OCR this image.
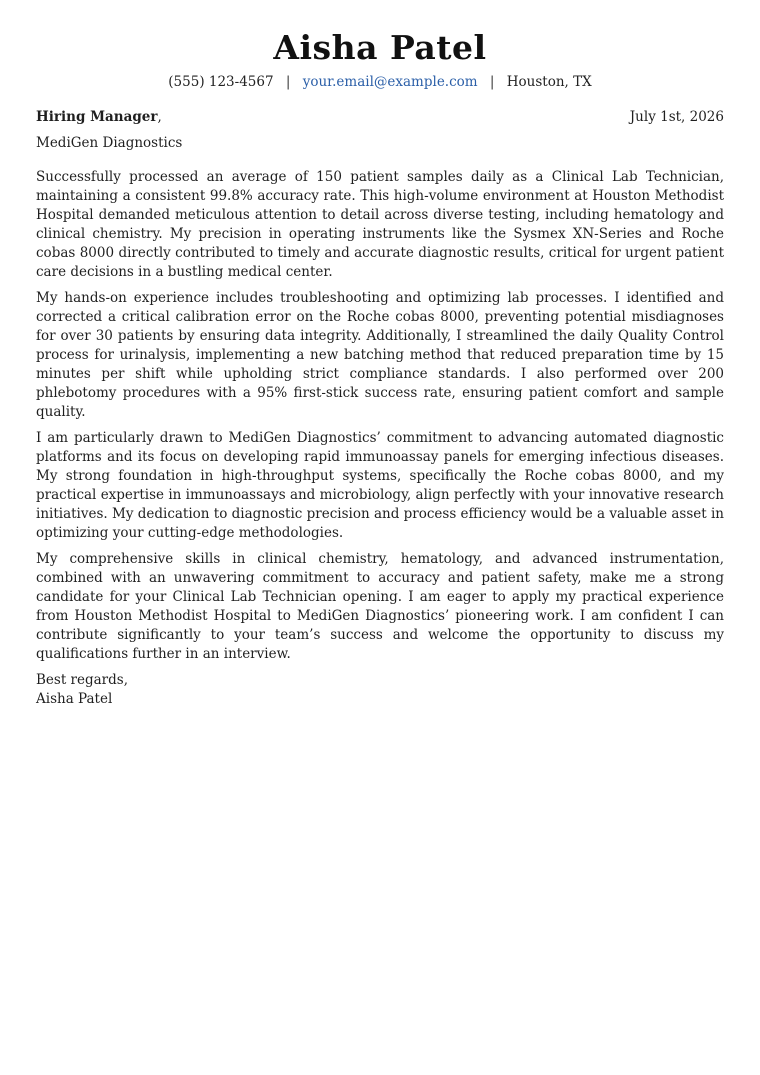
Aisha Patel
(555) 123-4567 | your.email@example.com | Houston, TX
Hiring Manager,	July 1st, 2026
MediGen Diagnostics

Successfully processed an average of 150 patient samples daily as a Clinical Lab Technician, maintaining a consistent 99.8% accuracy rate. This high-volume environment at Houston Methodist Hospital demanded meticulous attention to detail across diverse testing, including hematology and clinical chemistry. My precision in operating instruments like the Sysmex XN-Series and Roche cobas 8000 directly contributed to timely and accurate diagnostic results, critical for urgent patient care decisions in a bustling medical center.

My hands-on experience includes troubleshooting and optimizing lab processes. I identified and corrected a critical calibration error on the Roche cobas 8000, preventing potential misdiagnoses for over 30 patients by ensuring data integrity. Additionally, I streamlined the daily Quality Control process for urinalysis, implementing a new batching method that reduced preparation time by 15 minutes per shift while upholding strict compliance standards. I also performed over 200 phlebotomy procedures with a 95% first-stick success rate, ensuring patient comfort and sample quality.

I am particularly drawn to MediGen Diagnostics’ commitment to advancing automated diagnostic platforms and its focus on developing rapid immunoassay panels for emerging infectious diseases. My strong foundation in high-throughput systems, specifically the Roche cobas 8000, and my practical expertise in immunoassays and microbiology, align perfectly with your innovative research initiatives. My dedication to diagnostic precision and process efficiency would be a valuable asset in optimizing your cutting-edge methodologies.

My comprehensive skills in clinical chemistry, hematology, and advanced instrumentation, combined with an unwavering commitment to accuracy and patient safety, make me a strong candidate for your Clinical Lab Technician opening. I am eager to apply my practical experience from Houston Methodist Hospital to MediGen Diagnostics’ pioneering work. I am confident I can contribute significantly to your team’s success and welcome the opportunity to discuss my qualifications further in an interview.

Best regards,
Aisha Patel
